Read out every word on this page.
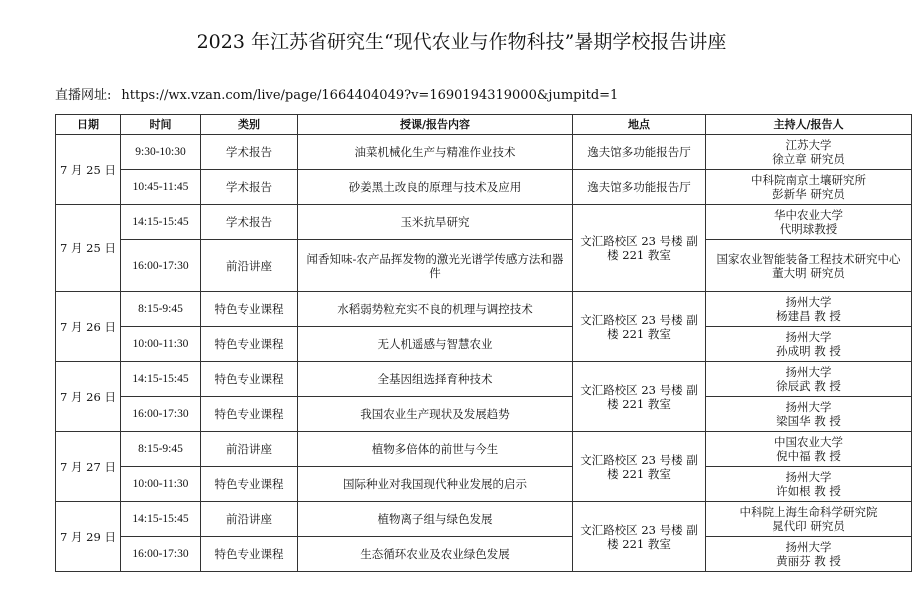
2023 年江苏省研究生“现代农业与作物科技”暑期学校报告讲座
直播网址: https://wx.vzan.com/live/page/1664404049?v=1690194319000&jumpitd=1
日期	时间	类别	授课/报告内容	地点	主持人/报告人
7 月 25 日	9:30-10:30	学术报告	油菜机械化生产与精准作业技术	逸夫馆多功能报告厅	江苏大学
徐立章 研究员

	10:45-11:45	学术报告	砂姜黑土改良的原理与技术及应用	逸夫馆多功能报告厅	中科院南京土壤研究所
彭新华 研究员

7 月 25 日	14:15-15:45	学术报告	玉米抗旱研究	文汇路校区 23 号楼 副楼 221 教室	华中农业大学
代明球教授

	16:00-17:30	前沿讲座	闻香知味-农产品挥发物的激光光谱学传感方法和器件		国家农业智能装备工程技术研究中心
董大明 研究员

7 月 26 日	8:15-9:45	特色专业课程	水稻弱势粒充实不良的机理与调控技术	文汇路校区 23 号楼 副楼 221 教室	扬州大学
杨建昌 教 授

	10:00-11:30	特色专业课程	无人机遥感与智慧农业		扬州大学
孙成明 教 授

7 月 26 日	14:15-15:45	特色专业课程	全基因组选择育种技术	文汇路校区 23 号楼 副楼 221 教室	扬州大学
徐辰武 教 授

	16:00-17:30	特色专业课程	我国农业生产现状及发展趋势		扬州大学
梁国华 教 授

7 月 27 日	8:15-9:45	前沿讲座	植物多倍体的前世与今生	文汇路校区 23 号楼 副楼 221 教室	中国农业大学
倪中福 教 授

	10:00-11:30	特色专业课程	国际种业对我国现代种业发展的启示		扬州大学
许如根 教 授

7 月 29 日	14:15-15:45	前沿讲座	植物离子组与绿色发展	文汇路校区 23 号楼 副楼 221 教室	中科院上海生命科学研究院
晁代印 研究员

	16:00-17:30	特色专业课程	生态循环农业及农业绿色发展		扬州大学
黄丽芬 教 授
